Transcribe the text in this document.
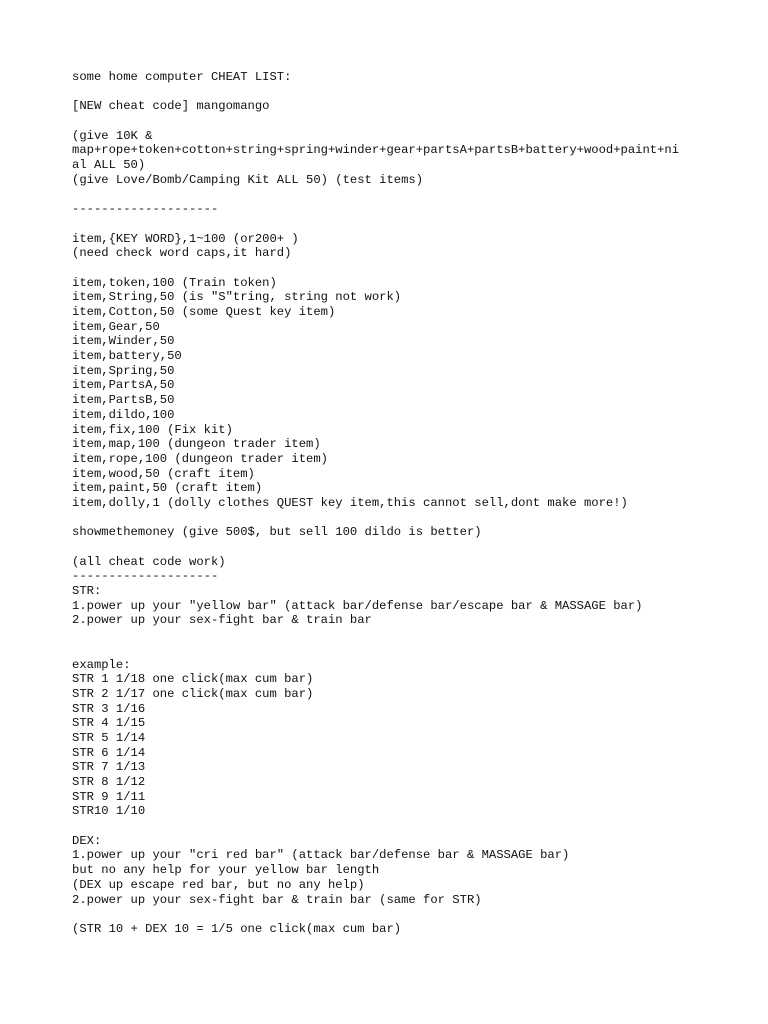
some home computer CHEAT LIST:
[NEW cheat code] mangomango
(give 10K &
map+rope+token+cotton+string+spring+winder+gear+partsA+partsB+battery+wood+paint+ni
al ALL 50)
(give Love/Bomb/Camping Kit ALL 50) (test items)
--------------------
item,{KEY WORD},1~100 (or200+ )
(need check word caps,it hard)
item,token,100 (Train token)
item,String,50 (is "S"tring, string not work)
item,Cotton,50 (some Quest key item)
item,Gear,50
item,Winder,50
item,battery,50
item,Spring,50
item,PartsA,50
item,PartsB,50
item,dildo,100
item,fix,100 (Fix kit)
item,map,100 (dungeon trader item)
item,rope,100 (dungeon trader item)
item,wood,50 (craft item)
item,paint,50 (craft item)
item,dolly,1 (dolly clothes QUEST key item,this cannot sell,dont make more!)
showmethemoney (give 500$, but sell 100 dildo is better)
(all cheat code work)
--------------------
STR:
1.power up your "yellow bar" (attack bar/defense bar/escape bar & MASSAGE bar)
2.power up your sex-fight bar & train bar
example:
STR 1 1/18 one click(max cum bar)
STR 2 1/17 one click(max cum bar)
STR 3 1/16
STR 4 1/15
STR 5 1/14
STR 6 1/14
STR 7 1/13
STR 8 1/12
STR 9 1/11
STR10 1/10
DEX:
1.power up your "cri red bar" (attack bar/defense bar & MASSAGE bar)
but no any help for your yellow bar length
(DEX up escape red bar, but no any help)
2.power up your sex-fight bar & train bar (same for STR)
(STR 10 + DEX 10 = 1/5 one click(max cum bar)
